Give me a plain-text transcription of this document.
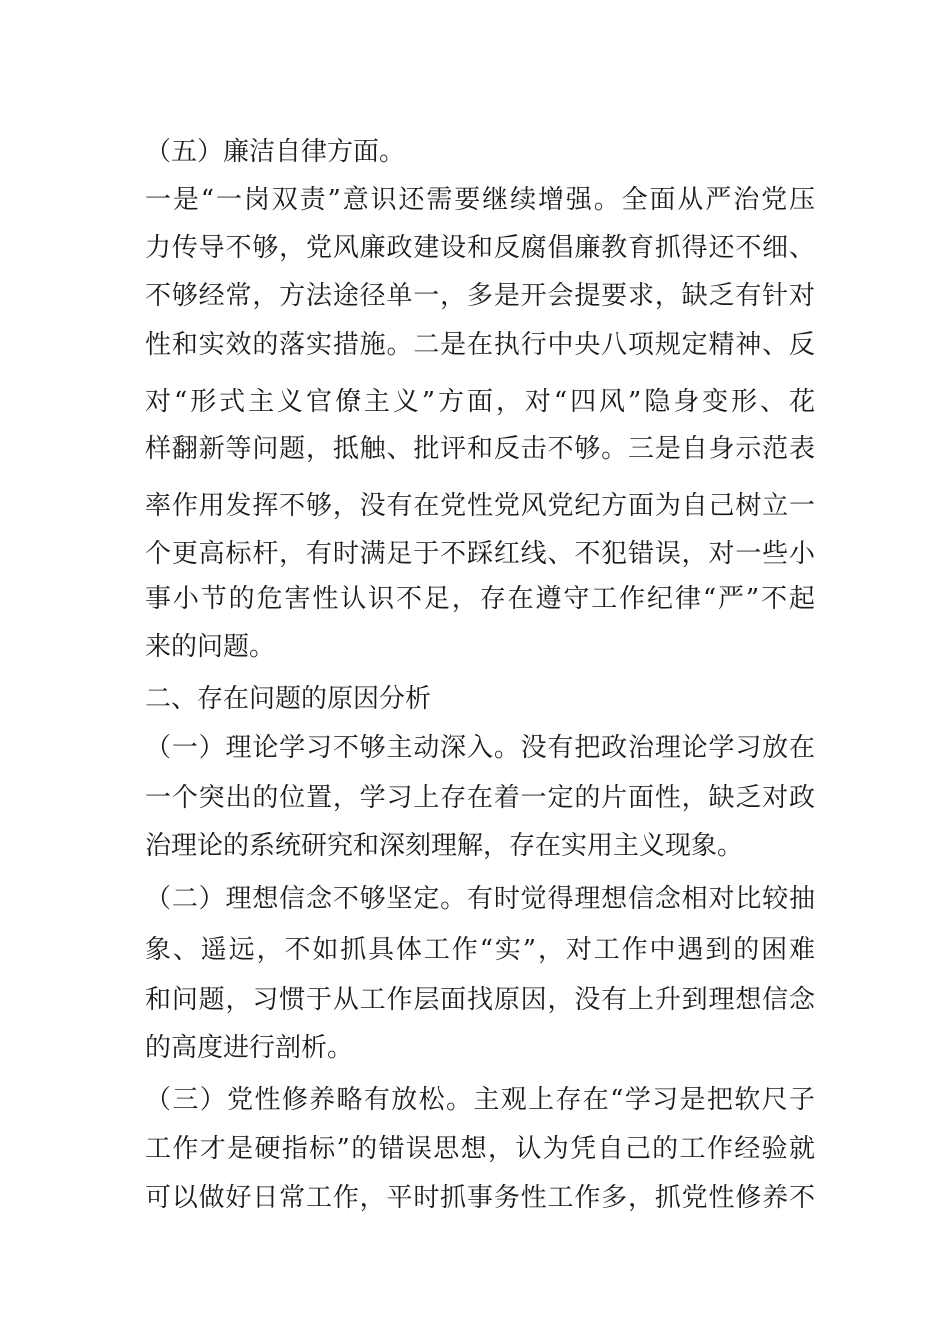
（五）廉洁自律方面。
一是“一岗双责”意识还需要继续增强。全面从严治党压
力传导不够，党风廉政建设和反腐倡廉教育抓得还不细、
不够经常，方法途径单一，多是开会提要求，缺乏有针对
性和实效的落实措施。二是在执行中央八项规定精神、反
对“形式主义官僚主义”方面，对“四风”隐身变形、花
样翻新等问题，抵触、批评和反击不够。三是自身示范表
率作用发挥不够，没有在党性党风党纪方面为自己树立一
个更高标杆，有时满足于不踩红线、不犯错误，对一些小
事小节的危害性认识不足，存在遵守工作纪律“严”不起
来的问题。
二、存在问题的原因分析
（一）理论学习不够主动深入。没有把政治理论学习放在
一个突出的位置，学习上存在着一定的片面性，缺乏对政
治理论的系统研究和深刻理解，存在实用主义现象。
（二）理想信念不够坚定。有时觉得理想信念相对比较抽
象、遥远，不如抓具体工作“实”，对工作中遇到的困难
和问题，习惯于从工作层面找原因，没有上升到理想信念
的高度进行剖析。
（三）党性修养略有放松。主观上存在“学习是把软尺子
工作才是硬指标”的错误思想，认为凭自己的工作经验就
可以做好日常工作，平时抓事务性工作多，抓党性修养不
